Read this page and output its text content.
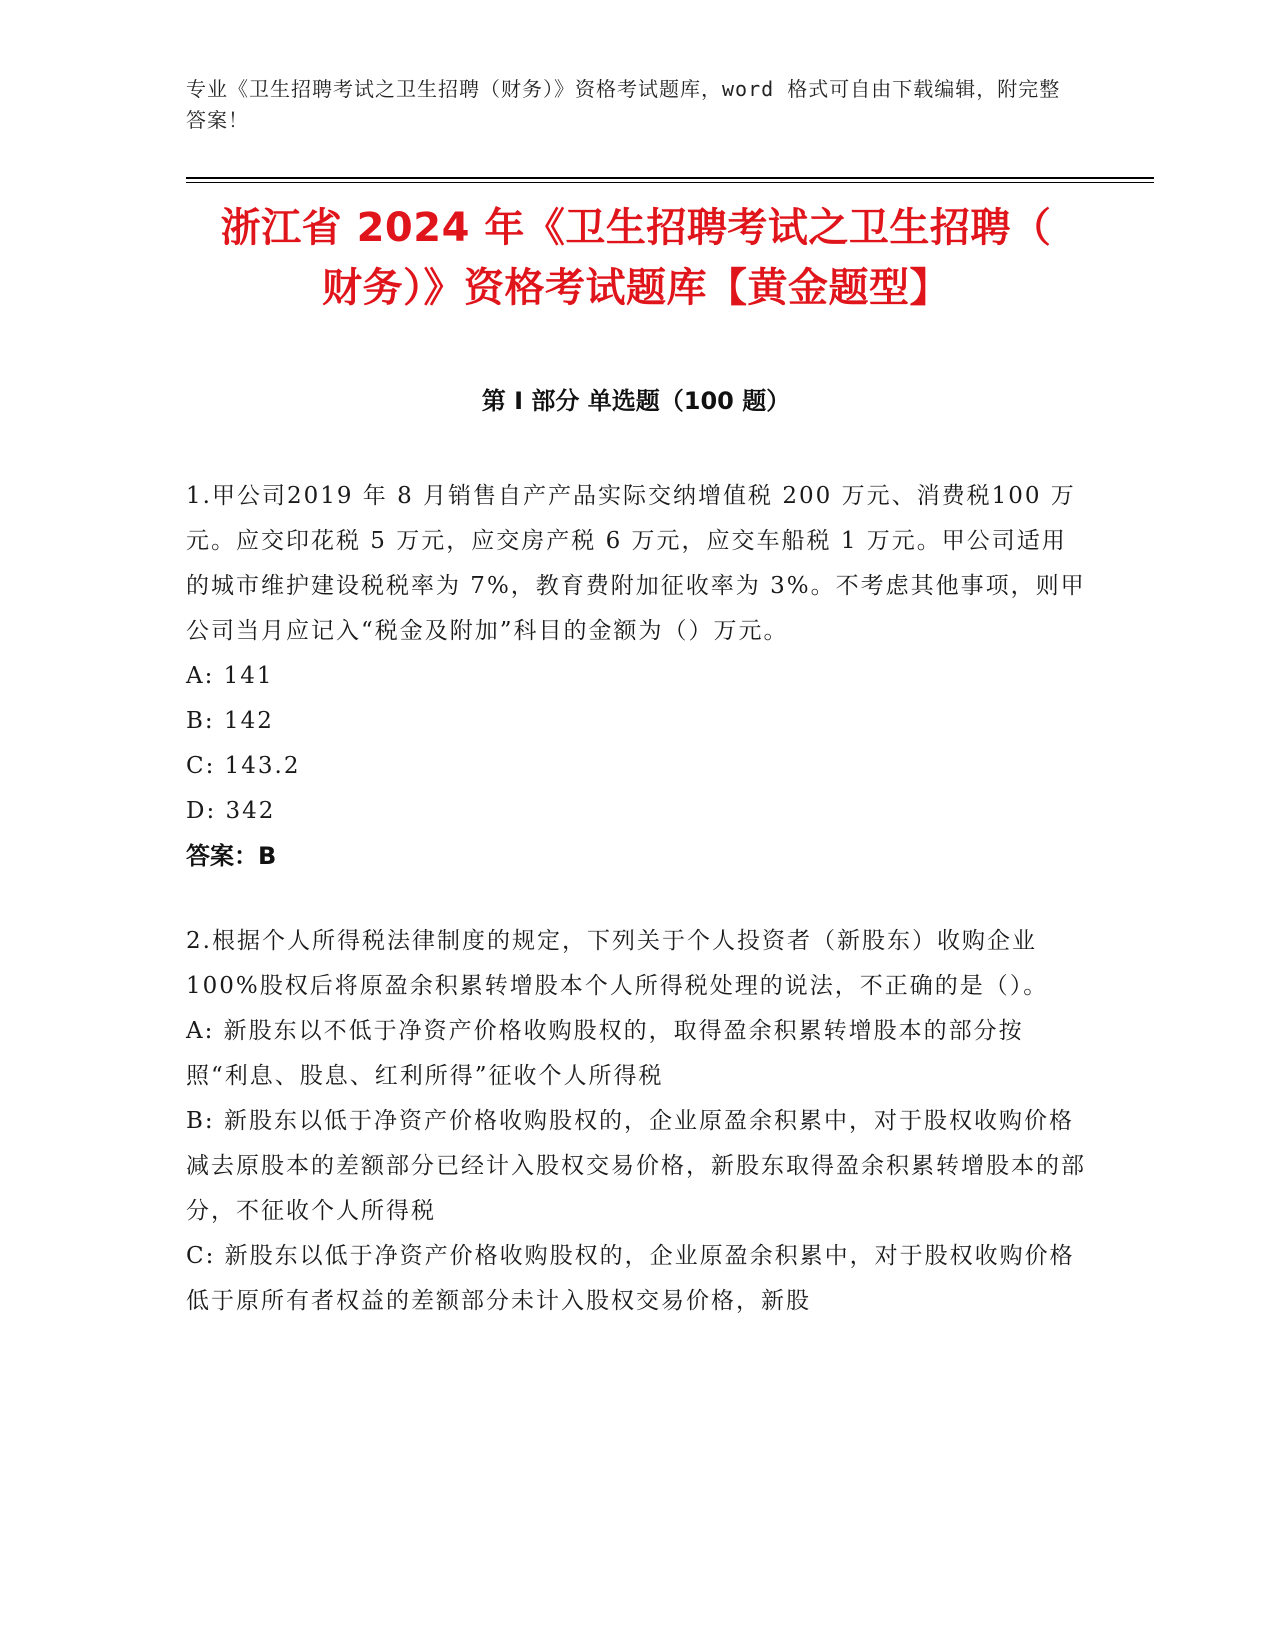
专业《卫生招聘考试之卫生招聘（财务）》资格考试题库，word 格式可自由下载编辑，附完整答案！
浙江省 2024 年《卫生招聘考试之卫生招聘（
财务）》资格考试题库【黄金题型】
第 I 部分 单选题（100 题）

1.甲公司2019 年 8 月销售自产产品实际交纳增值税 200 万元、消费税100 万元。应交印花税 5 万元，应交房产税 6 万元，应交车船税 1 万元。甲公司适用的城市维护建设税税率为 7%，教育费附加征收率为 3%。不考虑其他事项，则甲公司当月应记入“税金及附加”科目的金额为（）万元。

A: 141

B: 142

C: 143.2

D: 342

答案：B

2.根据个人所得税法律制度的规定，下列关于个人投资者（新股东）收购企业100%股权后将原盈余积累转增股本个人所得税处理的说法，不正确的是（）。

A: 新股东以不低于净资产价格收购股权的，取得盈余积累转增股本的部分按照“利息、股息、红利所得”征收个人所得税

B: 新股东以低于净资产价格收购股权的，企业原盈余积累中，对于股权收购价格减去原股本的差额部分已经计入股权交易价格，新股东取得盈余积累转增股本的部分，不征收个人所得税

C: 新股东以低于净资产价格收购股权的，企业原盈余积累中，对于股权收购价格低于原所有者权益的差额部分未计入股权交易价格，新股
